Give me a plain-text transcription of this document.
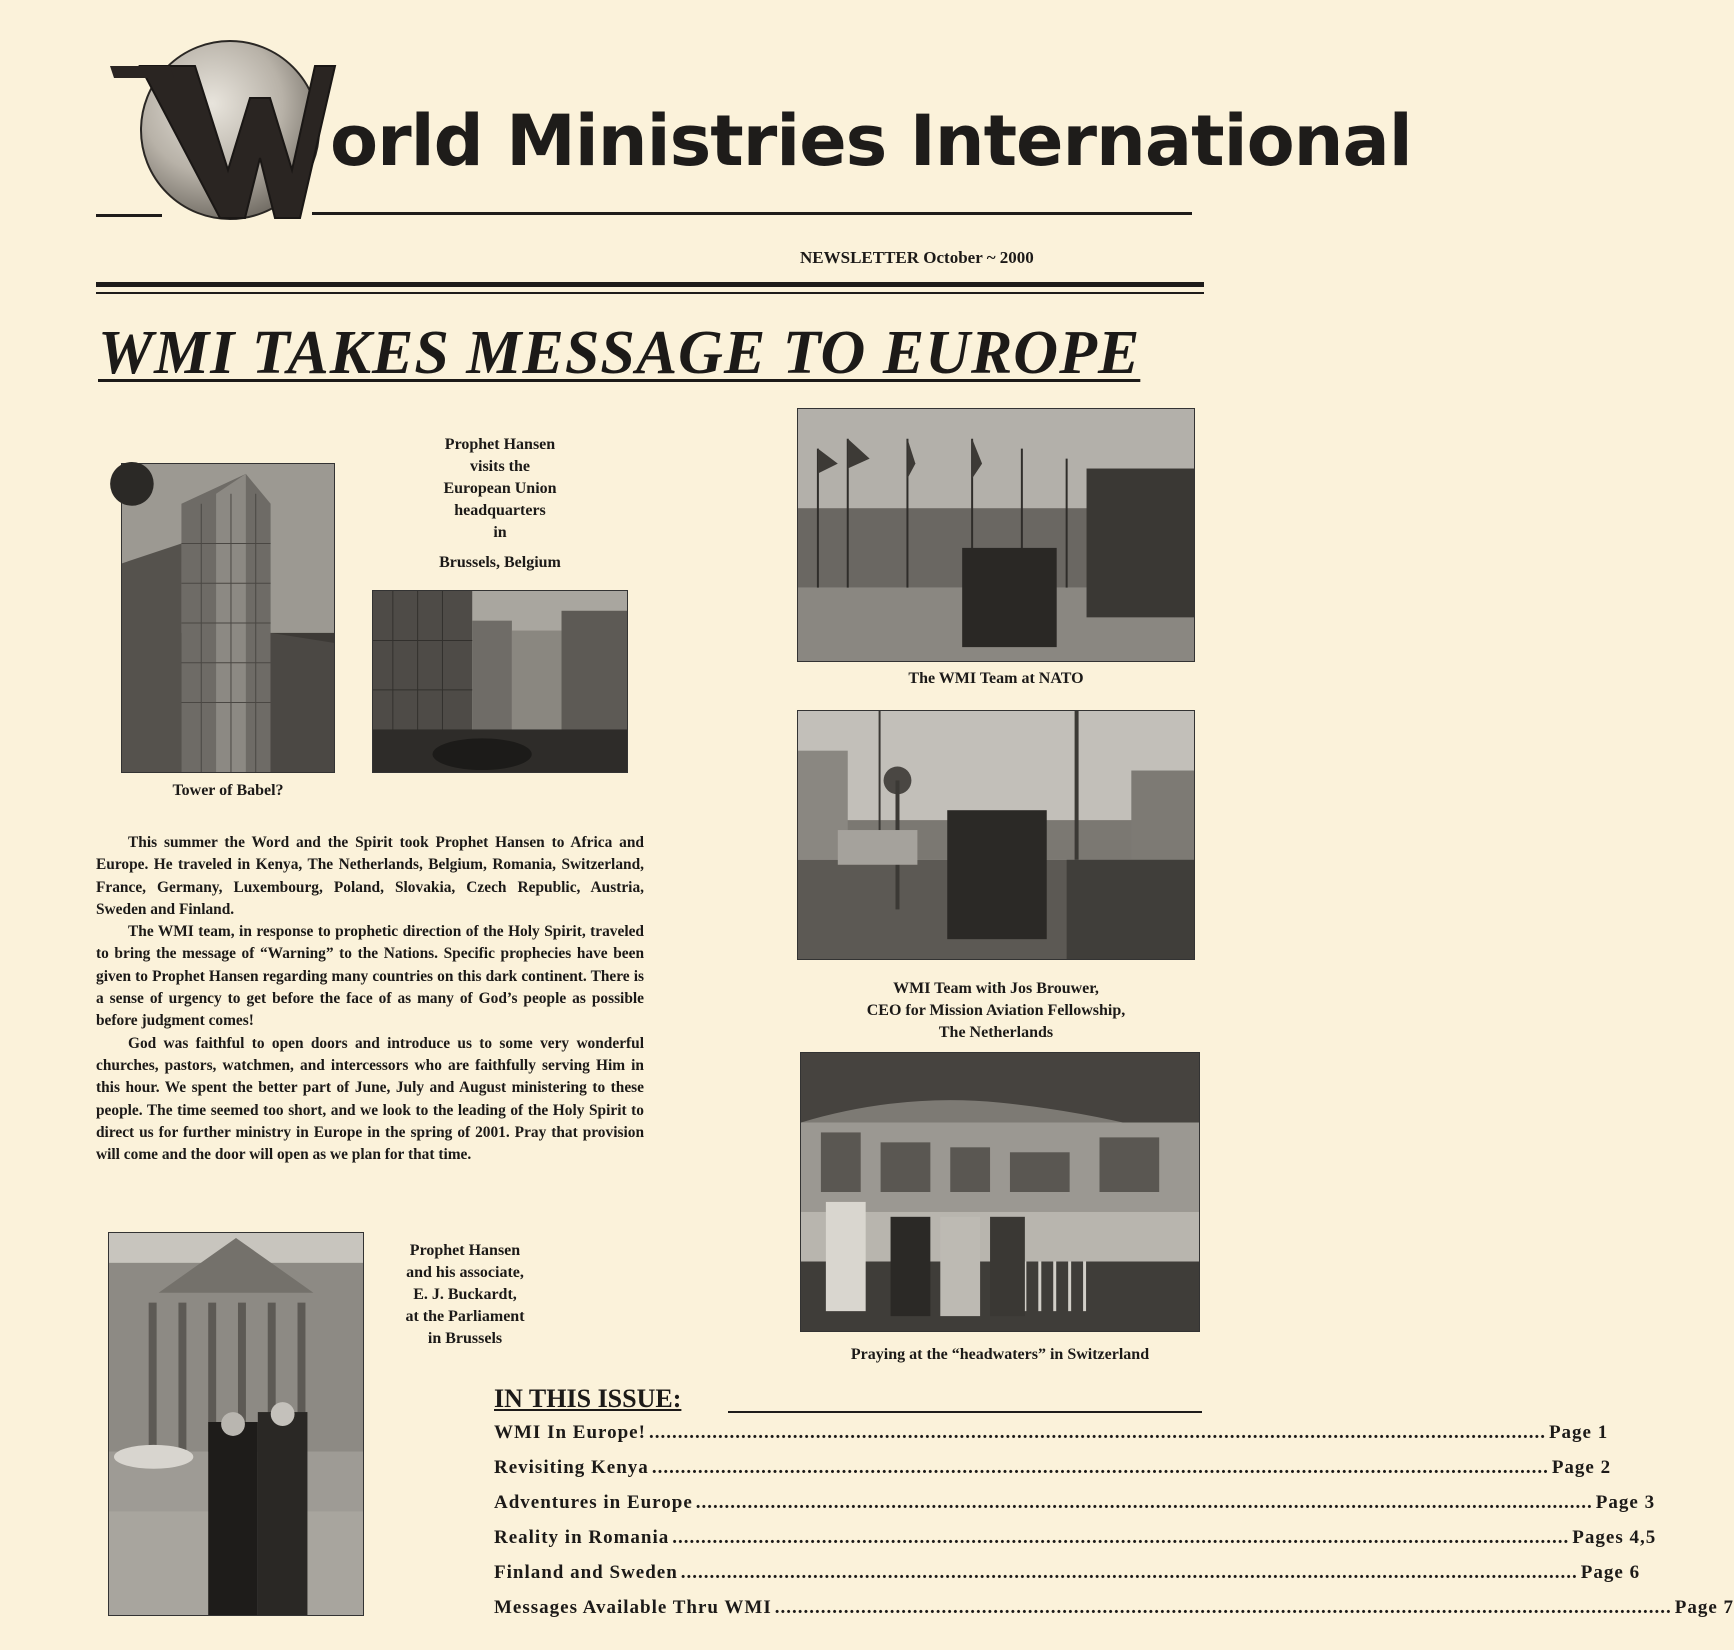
orld Ministries International
NEWSLETTER October ~ 2000
WMI TAKES MESSAGE TO EUROPE
Tower of Babel?
Prophet Hansen
visits the
European Union
headquarters
in
Brussels, Belgium

This summer the Word and the Spirit took Prophet Hansen to Africa and Europe. He traveled in Kenya, The Netherlands, Belgium, Romania, Switzerland, France, Germany, Luxembourg, Poland, Slovakia, Czech Republic, Austria, Sweden and Finland.

The WMI team, in response to prophetic direction of the Holy Spirit, traveled to bring the message of “Warning” to the Nations. Specific prophecies have been given to Prophet Hansen regarding many countries on this dark continent. There is a sense of urgency to get before the face of as many of God’s people as possible before judgment comes!

God was faithful to open doors and introduce us to some very wonderful churches, pastors, watchmen, and intercessors who are faithfully serving Him in this hour. We spent the better part of June, July and August ministering to these people. The time seemed too short, and we look to the leading of the Holy Spirit to direct us for further ministry in Europe in the spring of 2001. Pray that provision will come and the door will open as we plan for that time.

Prophet Hansen
and his associate,
E. J. Buckardt,
at the Parliament
in Brussels
The WMI Team at NATO
WMI Team with Jos Brouwer,
CEO for Mission Aviation Fellowship,
The Netherlands
Praying at the “headwaters” in Switzerland
IN THIS ISSUE:
WMI In Europe! .....	Page 1
Revisiting Kenya .....	Page 2
Adventures in Europe .....	Page 3
Reality in Romania .....	Pages 4,5
Finland and Sweden .....	Page 6
Messages Available Thru WMI .....	Page 7
